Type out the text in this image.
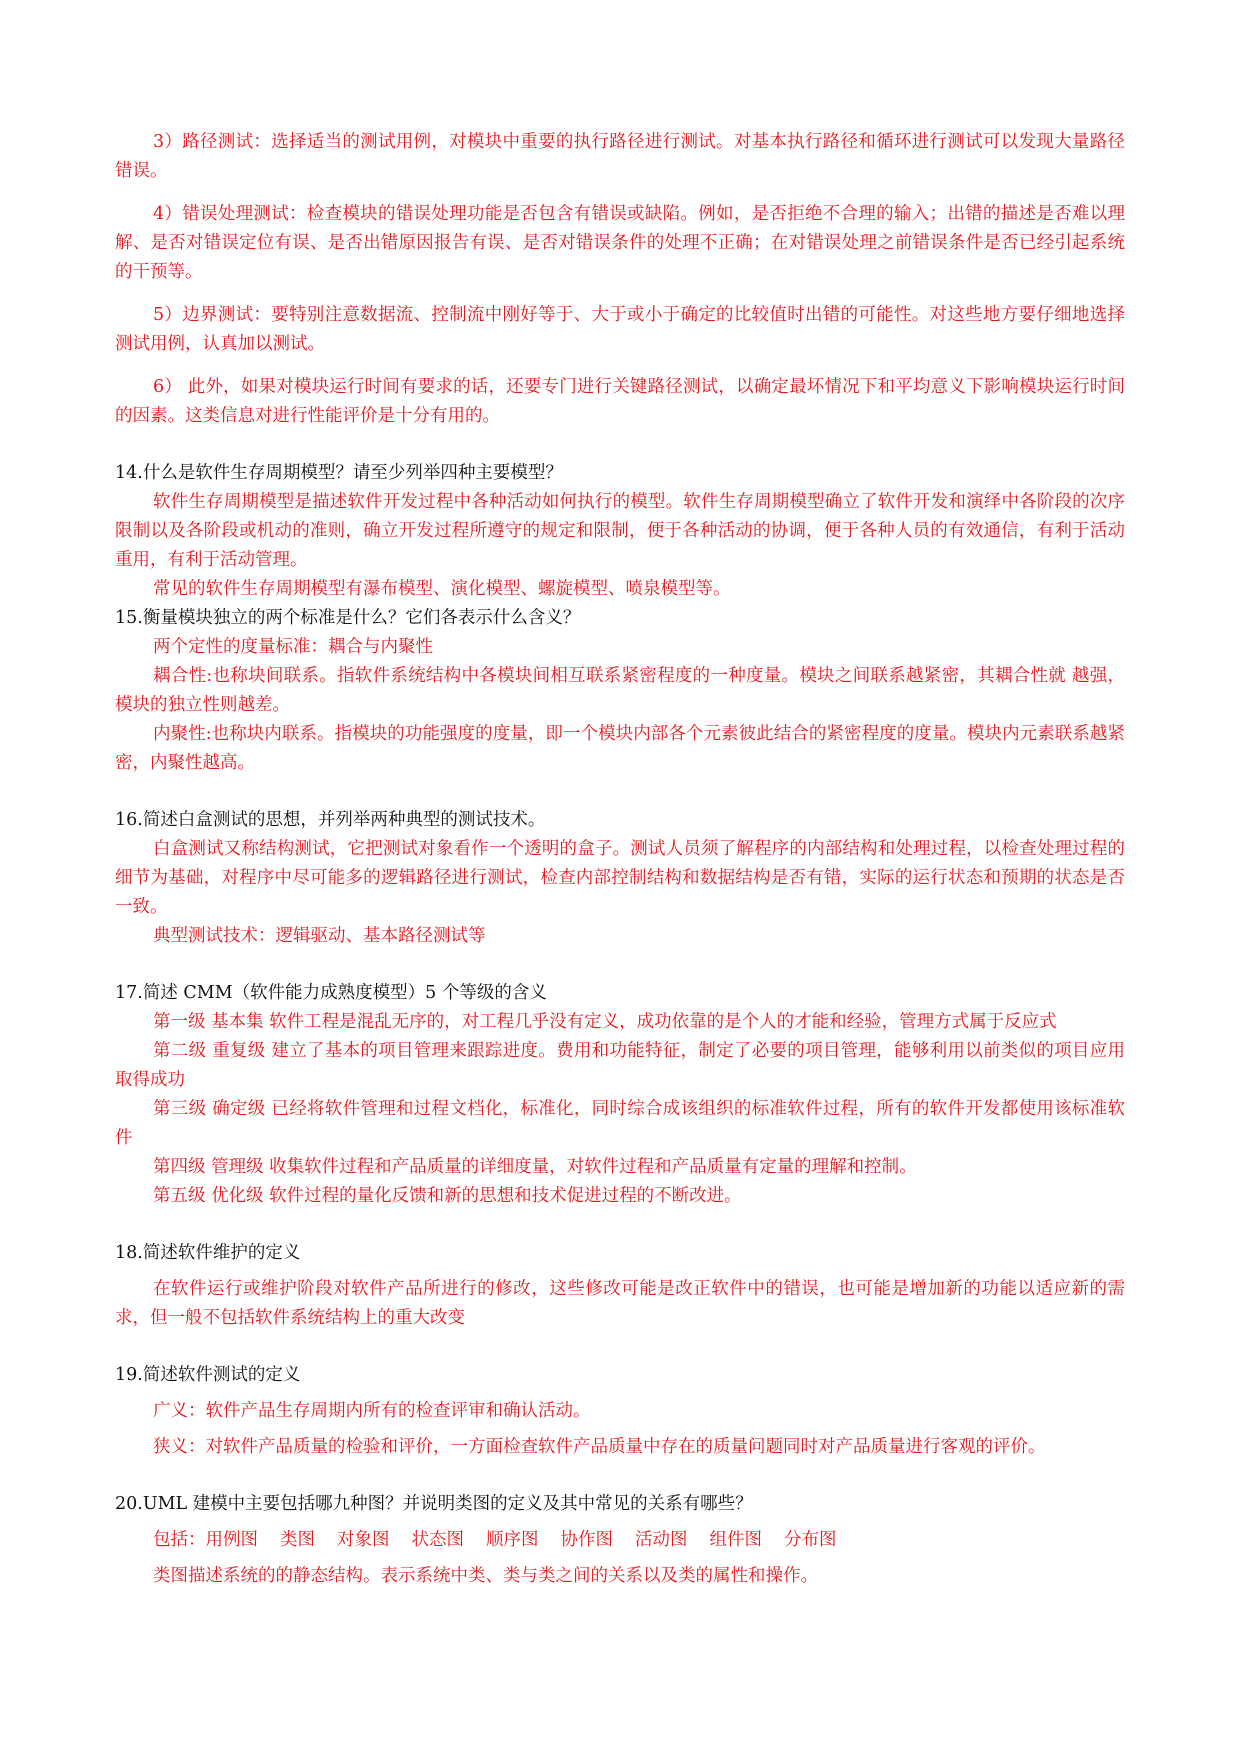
3）路径测试：选择适当的测试用例，对模块中重要的执行路径进行测试。对基本执行路径和循环进行测试可以发现大量路径错误。

4）错误处理测试：检查模块的错误处理功能是否包含有错误或缺陷。例如，是否拒绝不合理的输入；出错的描述是否难以理解、是否对错误定位有误、是否出错原因报告有误、是否对错误条件的处理不正确；在对错误处理之前错误条件是否已经引起系统的干预等。

5）边界测试：要特别注意数据流、控制流中刚好等于、大于或小于确定的比较值时出错的可能性。对这些地方要仔细地选择测试用例，认真加以测试。

6） 此外，如果对模块运行时间有要求的话，还要专门进行关键路径测试，以确定最坏情况下和平均意义下影响模块运行时间的因素。这类信息对进行性能评价是十分有用的。

14.什么是软件生存周期模型？请至少列举四种主要模型？

软件生存周期模型是描述软件开发过程中各种活动如何执行的模型。软件生存周期模型确立了软件开发和演绎中各阶段的次序限制以及各阶段或机动的准则，确立开发过程所遵守的规定和限制，便于各种活动的协调，便于各种人员的有效通信，有利于活动重用，有利于活动管理。

常见的软件生存周期模型有瀑布模型、演化模型、螺旋模型、喷泉模型等。

15.衡量模块独立的两个标准是什么？它们各表示什么含义？

两个定性的度量标准：耦合与内聚性

耦合性:也称块间联系。指软件系统结构中各模块间相互联系紧密程度的一种度量。模块之间联系越紧密，其耦合性就 越强，模块的独立性则越差。

内聚性:也称块内联系。指模块的功能强度的度量，即一个模块内部各个元素彼此结合的紧密程度的度量。模块内元素联系越紧密，内聚性越高。

16.简述白盒测试的思想，并列举两种典型的测试技术。

白盒测试又称结构测试，它把测试对象看作一个透明的盒子。测试人员须了解程序的内部结构和处理过程，以检查处理过程的细节为基础，对程序中尽可能多的逻辑路径进行测试，检查内部控制结构和数据结构是否有错，实际的运行状态和预期的状态是否一致。

典型测试技术：逻辑驱动、基本路径测试等

17.简述 CMM（软件能力成熟度模型）5 个等级的含义

第一级 基本集 软件工程是混乱无序的，对工程几乎没有定义，成功依靠的是个人的才能和经验，管理方式属于反应式

第二级 重复级 建立了基本的项目管理来跟踪进度。费用和功能特征，制定了必要的项目管理，能够利用以前类似的项目应用取得成功

第三级 确定级 已经将软件管理和过程文档化，标准化，同时综合成该组织的标准软件过程，所有的软件开发都使用该标准软件

第四级 管理级 收集软件过程和产品质量的详细度量，对软件过程和产品质量有定量的理解和控制。

第五级 优化级 软件过程的量化反馈和新的思想和技术促进过程的不断改进。

18.简述软件维护的定义

在软件运行或维护阶段对软件产品所进行的修改，这些修改可能是改正软件中的错误，也可能是增加新的功能以适应新的需求，但一般不包括软件系统结构上的重大改变

19.简述软件测试的定义

广义：软件产品生存周期内所有的检查评审和确认活动。

狭义：对软件产品质量的检验和评价，一方面检查软件产品质量中存在的质量问题同时对产品质量进行客观的评价。

20.UML 建模中主要包括哪九种图？并说明类图的定义及其中常见的关系有哪些？

包括：用例图 类图 对象图 状态图 顺序图 协作图 活动图 组件图 分布图

类图描述系统的的静态结构。表示系统中类、类与类之间的关系以及类的属性和操作。
